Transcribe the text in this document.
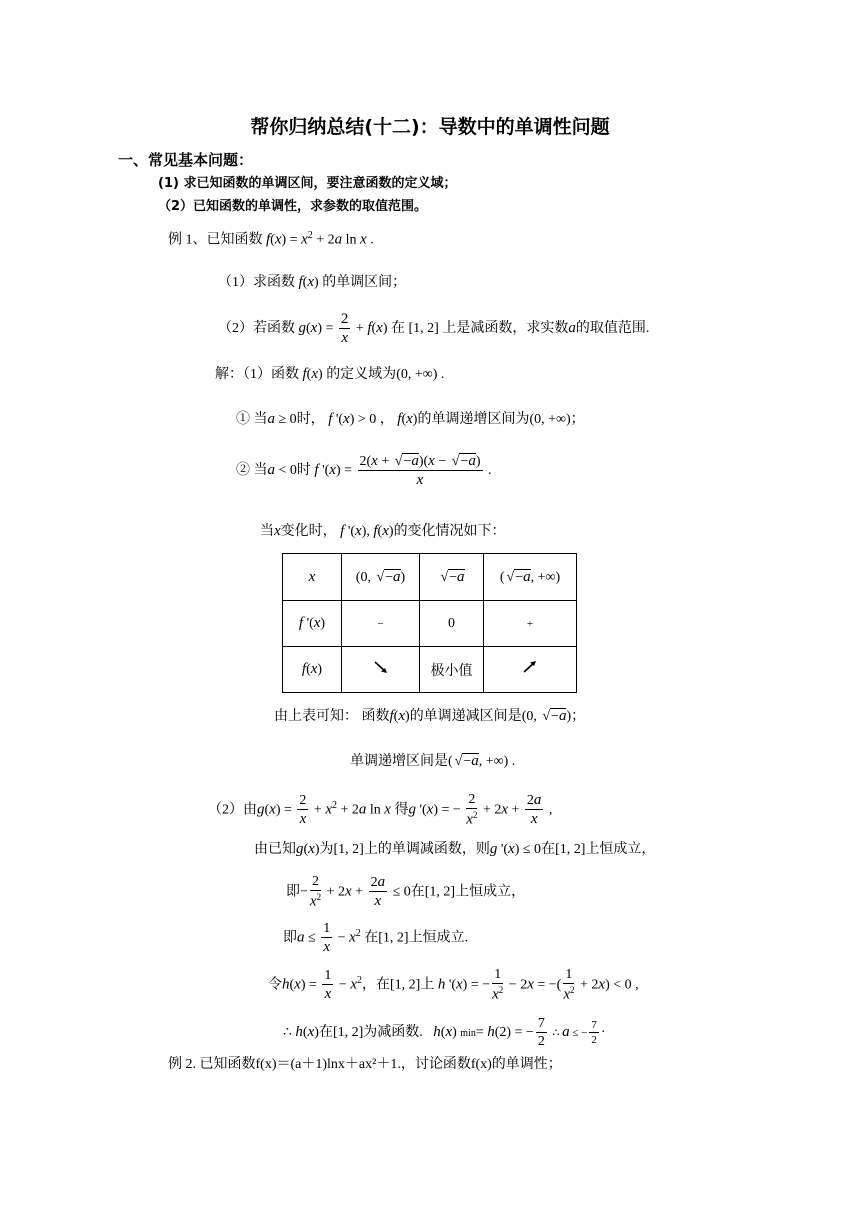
帮你归纳总结(十二)：导数中的单调性问题
一、常见基本问题：
(1) 求已知函数的单调区间，要注意函数的定义域；
（2）已知函数的单调性，求参数的取值范围。
例 1、已知函数 $f(x) = x^2 + 2a$ ln x .
（1）求函数 f(x) 的单调区间；
（2）若函数 $g(x) = \frac{2}{x} + f(x)$ 在 [1, 2] 上是减函数，求实数a的取值范围.
解：（1）函数 f(x) 的定义域为(0, +∞) .
① 当a ≥ 0时， f '(x) > 0 ， f(x)的单调递增区间为(0, +∞)；
② 当a < 0时 f '$(x) = \frac{2(x + √-a)(x - √-a)}{x}$ .
当x变化时， f '(x), f(x)的变化情况如下：
x	(0, √−a)	√−a	( √−a, +∞)
f '(x)	−	0	+
f(x)		极小值	
由上表可知： 函数f(x)的单调递减区间是(0, √−a)；
单调递增区间是( √−a, +∞) .
（2）由$g(x) = \frac{2}{x} + x^2 + 2a$ ln x 得g '(x) = − $\frac{2}{x^2} + 2x + \frac{2a}{x}$ ,
由已知g(x)为[1, 2]上的单调减函数，则g '(x) ≤ 0在[1, 2]上恒成立，
即− $\frac{2}{x^2} + 2x + \frac{2a}{x} \le 0$在[1, 2]上恒成立，
即$a \le \frac{1}{x} - x^2$ 在[1, 2]上恒成立.
令$h(x) = \frac{1}{x} - x^2$，在[1, 2]上 h '(x) = − $\frac{1}{x^2} - 2x$ = −( $\frac{1}{x^2} + 2x) < 0$ ,
∴ h(x)在[1, 2]为减函数. h(x) min= h(2) = − $\frac{7}{2}$ ∴ a ≤ − $\frac{7}{2}$ ·
例 2. 已知函数f(x)＝(a＋1)lnx＋ax²＋1.，讨论函数f(x)的单调性；
